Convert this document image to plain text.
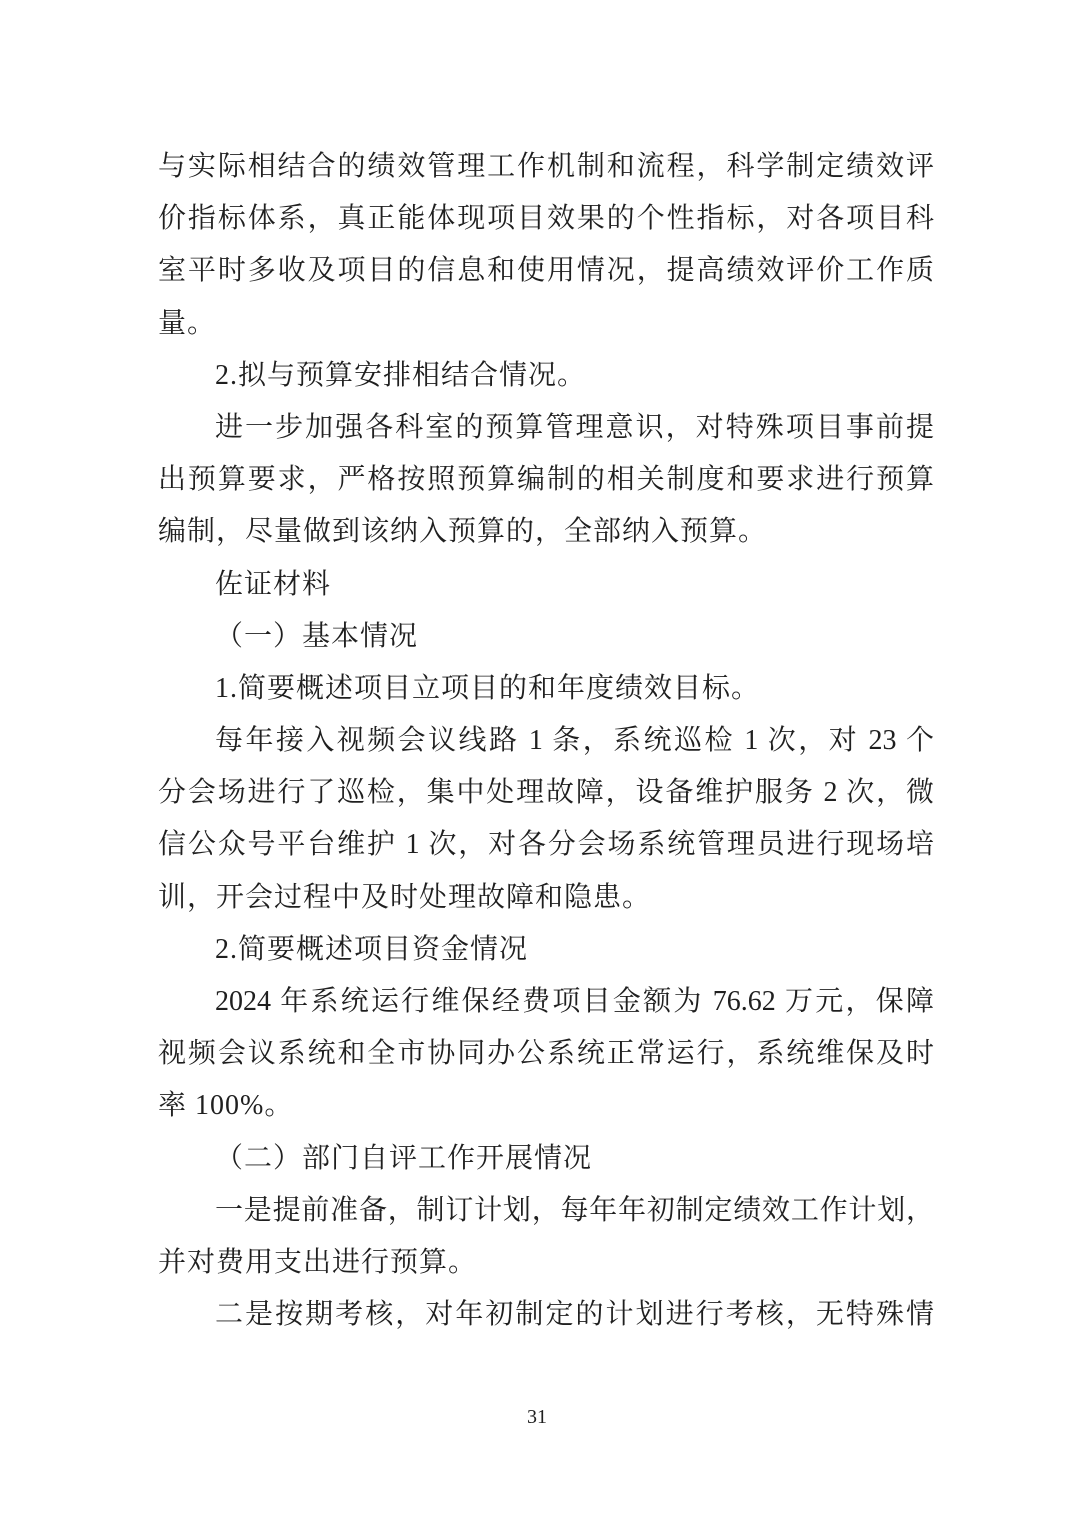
与实际相结合的绩效管理工作机制和流程，科学制定绩效评
价指标体系，真正能体现项目效果的个性指标，对各项目科
室平时多收及项目的信息和使用情况，提高绩效评价工作质
量。
2.拟与预算安排相结合情况。
进一步加强各科室的预算管理意识，对特殊项目事前提
出预算要求，严格按照预算编制的相关制度和要求进行预算
编制，尽量做到该纳入预算的，全部纳入预算。
佐证材料
（一）基本情况
1.简要概述项目立项目的和年度绩效目标。
每年接入视频会议线路 1 条，系统巡检 1 次，对 23 个
分会场进行了巡检，集中处理故障，设备维护服务 2 次，微
信公众号平台维护 1 次，对各分会场系统管理员进行现场培
训，开会过程中及时处理故障和隐患。
2.简要概述项目资金情况
2024 年系统运行维保经费项目金额为 76.62 万元，保障
视频会议系统和全市协同办公系统正常运行，系统维保及时
率 100%。
（二）部门自评工作开展情况
一是提前准备，制订计划，每年年初制定绩效工作计划，
并对费用支出进行预算。
二是按期考核，对年初制定的计划进行考核，无特殊情
31
